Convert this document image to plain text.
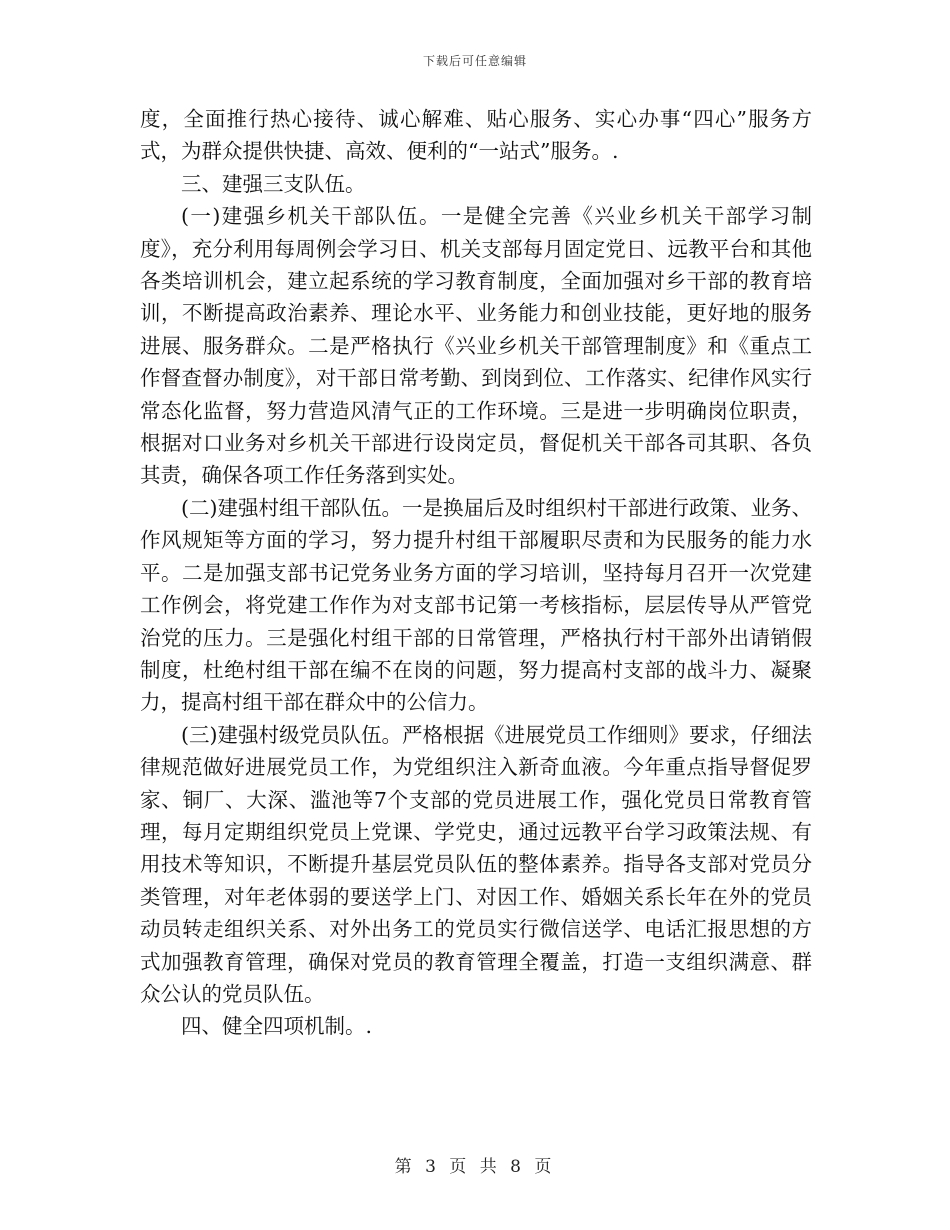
下载后可任意编辑

度，全面推行热心接待、诚心解难、贴心服务、实心办事“四心”服务方式，为群众提供快捷、高效、便利的“一站式”服务。.

三、建强三支队伍。

(一)建强乡机关干部队伍。一是健全完善《兴业乡机关干部学习制度》，充分利用每周例会学习日、机关支部每月固定党日、远教平台和其他各类培训机会，建立起系统的学习教育制度，全面加强对乡干部的教育培训，不断提高政治素养、理论水平、业务能力和创业技能，更好地的服务进展、服务群众。二是严格执行《兴业乡机关干部管理制度》和《重点工作督查督办制度》，对干部日常考勤、到岗到位、工作落实、纪律作风实行常态化监督，努力营造风清气正的工作环境。三是进一步明确岗位职责，根据对口业务对乡机关干部进行设岗定员，督促机关干部各司其职、各负其责，确保各项工作任务落到实处。

(二)建强村组干部队伍。一是换届后及时组织村干部进行政策、业务、作风规矩等方面的学习，努力提升村组干部履职尽责和为民服务的能力水平。二是加强支部书记党务业务方面的学习培训，坚持每月召开一次党建工作例会，将党建工作作为对支部书记第一考核指标，层层传导从严管党治党的压力。三是强化村组干部的日常管理，严格执行村干部外出请销假制度，杜绝村组干部在编不在岗的问题，努力提高村支部的战斗力、凝聚力，提高村组干部在群众中的公信力。

(三)建强村级党员队伍。严格根据《进展党员工作细则》要求，仔细法律规范做好进展党员工作，为党组织注入新奇血液。今年重点指导督促罗家、铜厂、大深、滥池等7个支部的党员进展工作，强化党员日常教育管理，每月定期组织党员上党课、学党史，通过远教平台学习政策法规、有用技术等知识，不断提升基层党员队伍的整体素养。指导各支部对党员分类管理，对年老体弱的要送学上门、对因工作、婚姻关系长年在外的党员动员转走组织关系、对外出务工的党员实行微信送学、电话汇报思想的方式加强教育管理，确保对党员的教育管理全覆盖，打造一支组织满意、群众公认的党员队伍。

四、健全四项机制。.

第 3 页 共 8 页
